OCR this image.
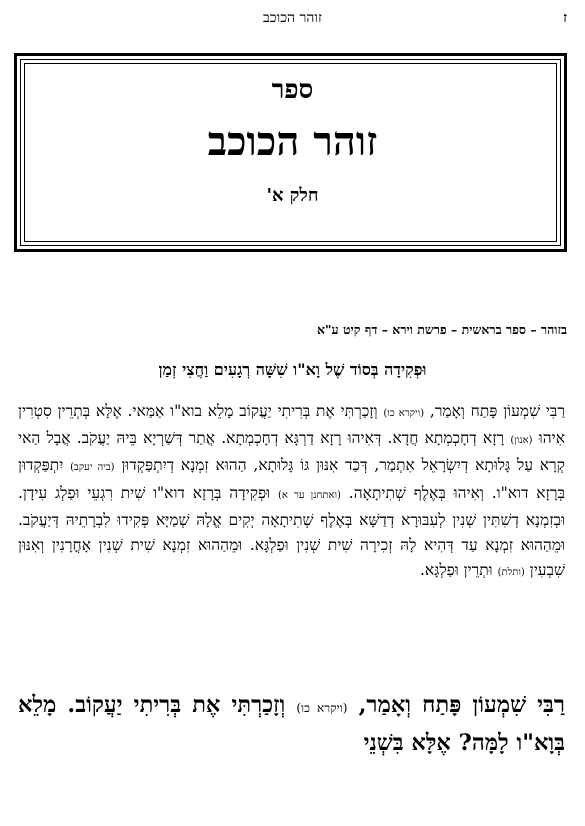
ז
זוהר הכוכב
ספר
זוהר הכוכב
חלק א'
בזוהר – ספר בראשית – פרשת וירא – דף קיט ע"א
וּפְקִידָה בְּסוֹד שֶׁל וָא"ו שִׁשָּׁה רְגָעִים וַחֲצִי זְמַן
רַבִּי שִׁמְעוֹן פָּתַח וְאָמַר, (ויקרא כו) וְזָכַרְתִּי אֶת בְּרִיתִי יַעֲקוֹב מָלֵא בוא"ו אַמַּאי. אֶלָּא בְּתְרֵין סִטְרִין אִיהוּ (אנון) רָזָא דְחָכְמְתָא חֲדָא. דְּאִיהוּ רָזָא דַרְגָּא דְחָכְמְתָא. אֲתַר דְּשַׁרְיָא בֵּיהּ יַעֲקֹב. אֲבָל הַאי קְרָא עַל גָּלוּתָא דְיִשְׂרָאֵל אִתְמַר, דְּכַד אִנּוּן גּוֹ גָּלוּתָא, הַהוּא זִמְנָא דְיִתְפַּקְדוּן (ביה יעקב) יִתְפַּקְדוּן בְּרָזָא דוא"ו. וְאִיהוּ בְּאֶלֶף שְׁתִיתָאָה. (ואתחנן ער א) וּפְקִידָה בְּרָזָא דוא"ו שִׁית רִגְעֵי וּפַלְג עִידָן. וּבְזִמְנָא דְשִׁתִּין שְׁנִין לְעִבּוּרָא דְדַשָּׁא בְּאֶלֶף שְׁתִיתָאָה יְקִים אֱלָהּ שְׁמַיָּא פְּקִידוּ לִבְרָתֵיהּ דְּיַעֲקֹב. וּמֵהַהוּא זִמְנָא עַד דְּהִיא לָהּ זְכִירָה שִׁית שְׁנִין וּפַלְגָּא. וּמֵהַהוּא זִמְנָא שִׁית שְׁנִין אָחֳרָנִין וְאִנּוּן שִׁבְעִין (ותלת) וּתְרֵין וּפַלְגָּא.
רַבִּי שִׁמְעוֹן פָּתַח וְאָמַר, (ויקרא כו) וְזָכַרְתִּי אֶת בְּרִיתִי יַעֲקוֹב. מָלֵא בְּוָא"ו לָמָּה? אֶלָּא בִּשְׁנֵי
